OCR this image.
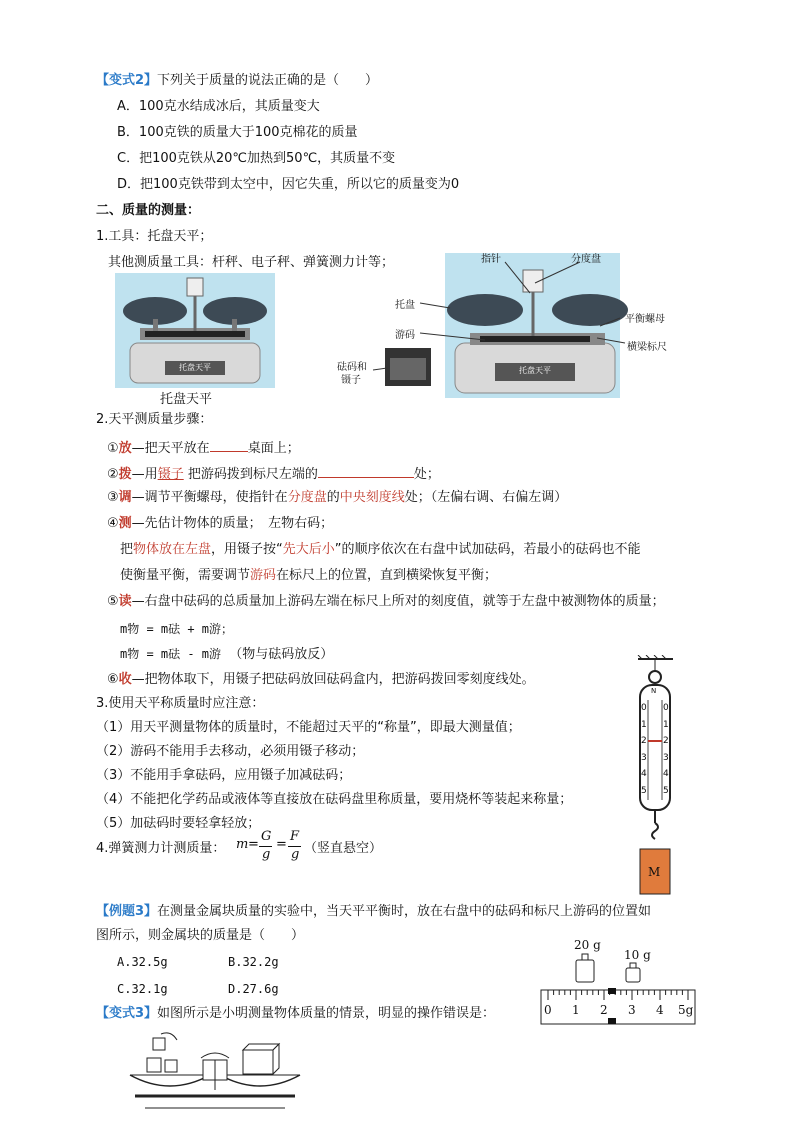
【变式2】下列关于质量的说法正确的是（　　）
A．100克水结成冰后，其质量变大
B．100克铁的质量大于100克棉花的质量
C．把100克铁从20℃加热到50℃，其质量不变
D．把100克铁带到太空中，因它失重，所以它的质量变为0
二、质量的测量：
1.工具：托盘天平；
其他测质量工具：杆秤、电子秤、弹簧测力计等；
托盘天平
托盘天平
托盘天平
指针	分度盘
托盘
游码
平衡螺母
横梁标尺
砝码和
镊子
2.天平测质量步骤：
①放—把天平放在	桌面上；
②拨—用镊子 把游码拨到标尺左端的	处；
③调—调节平衡螺母，使指针在分度盘的中央刻度线处；（左偏右调、右偏左调）
④测—先估计物体的质量；　左物右码；
把物体放在左盘，用镊子按“先大后小”的顺序依次在右盘中试加砝码，若最小的砝码也不能
使衡量平衡，需要调节游码在标尺上的位置，直到横梁恢复平衡；
⑤读—右盘中砝码的总质量加上游码左端在标尺上所对的刻度值，就等于左盘中被测物体的质量；
m物 = m砝 + m游；
m物 = m砝 - m游 （物与砝码放反）
⑥收—把物体取下，用镊子把砝码放回砝码盒内，把游码拨回零刻度线处。
3.使用天平称质量时应注意：
（1）用天平测量物体的质量时，不能超过天平的“称量”，即最大测量值；
（2）游码不能用手去移动，必须用镊子移动；
（3）不能用手拿砝码，应用镊子加减砝码；
（4）不能把化学药品或液体等直接放在砝码盘里称质量，要用烧杯等装起来称量；
（5）加砝码时要轻拿轻放；
4.弹簧测力计测质量： m =
G
g
=
F
g （竖直悬空）
N
0
1
2
3
4
5
0
1
2
3
4
5
M
【例题3】在测量金属块质量的实验中，当天平平衡时，放在右盘中的砝码和标尺上游码的位置如
图所示，则金属块的质量是（　　）
A.32.5g	B.32.2g
C.32.1g	D.27.6g
20 g
10 g
0 1 2 3 4 5g
【变式3】如图所示是小明测量物体质量的情景，明显的操作错误是：
